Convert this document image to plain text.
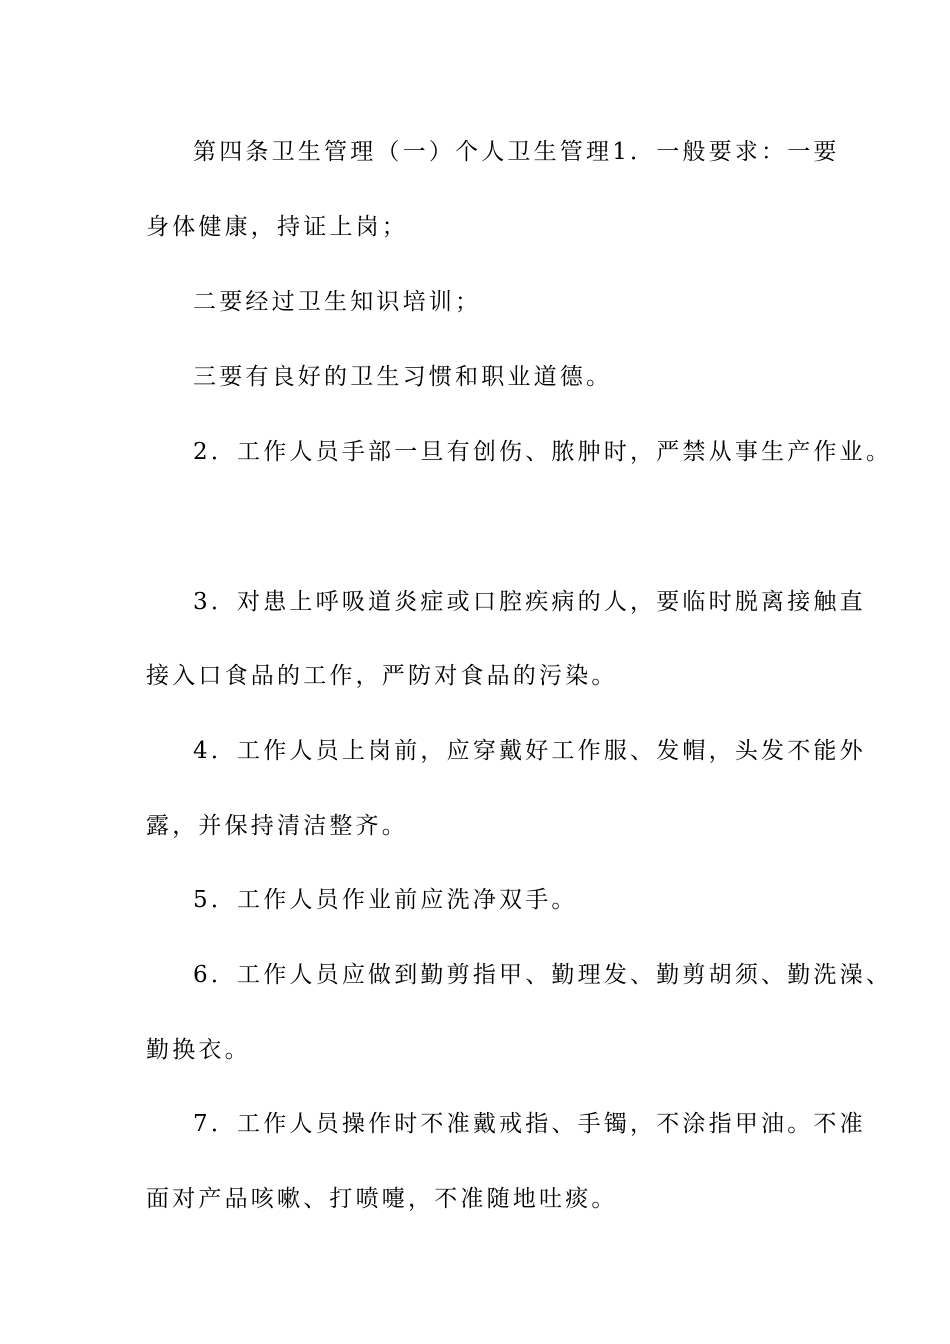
第四条卫生管理（一）个人卫生管理1．一般要求：一要
身体健康，持证上岗；
二要经过卫生知识培训；
三要有良好的卫生习惯和职业道德。
2．工作人员手部一旦有创伤、脓肿时，严禁从事生产作业。
3．对患上呼吸道炎症或口腔疾病的人，要临时脱离接触直
接入口食品的工作，严防对食品的污染。
4．工作人员上岗前，应穿戴好工作服、发帽，头发不能外
露，并保持清洁整齐。
5．工作人员作业前应洗净双手。
6．工作人员应做到勤剪指甲、勤理发、勤剪胡须、勤洗澡、
勤换衣。
7．工作人员操作时不准戴戒指、手镯，不涂指甲油。不准
面对产品咳嗽、打喷嚏，不准随地吐痰。
